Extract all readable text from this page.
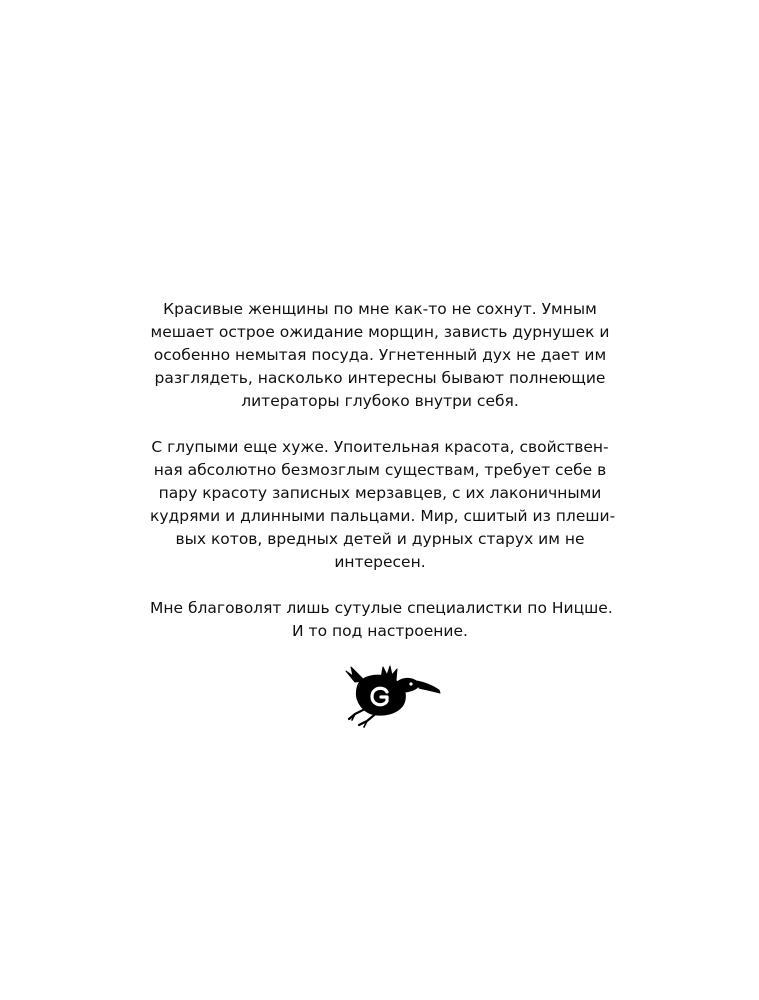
Красивые женщины по мне как-то не сохнут. Умным
мешает острое ожидание морщин, зависть дурнушек и
особенно немытая посуда. Угнетенный дух не дает им
разглядеть, насколько интересны бывают полнеющие
литераторы глубоко внутри себя.

С глупыми еще хуже. Упоительная красота, свойствен-
ная абсолютно безмозглым существам, требует себе в
пару красоту записных мерзавцев, с их лаконичными
кудрями и длинными пальцами. Мир, сшитый из плеши-
вых котов, вредных детей и дурных старух им не
интересен.

Мне благоволят лишь сутулые специалистки по Ницше.
И то под настроение.
